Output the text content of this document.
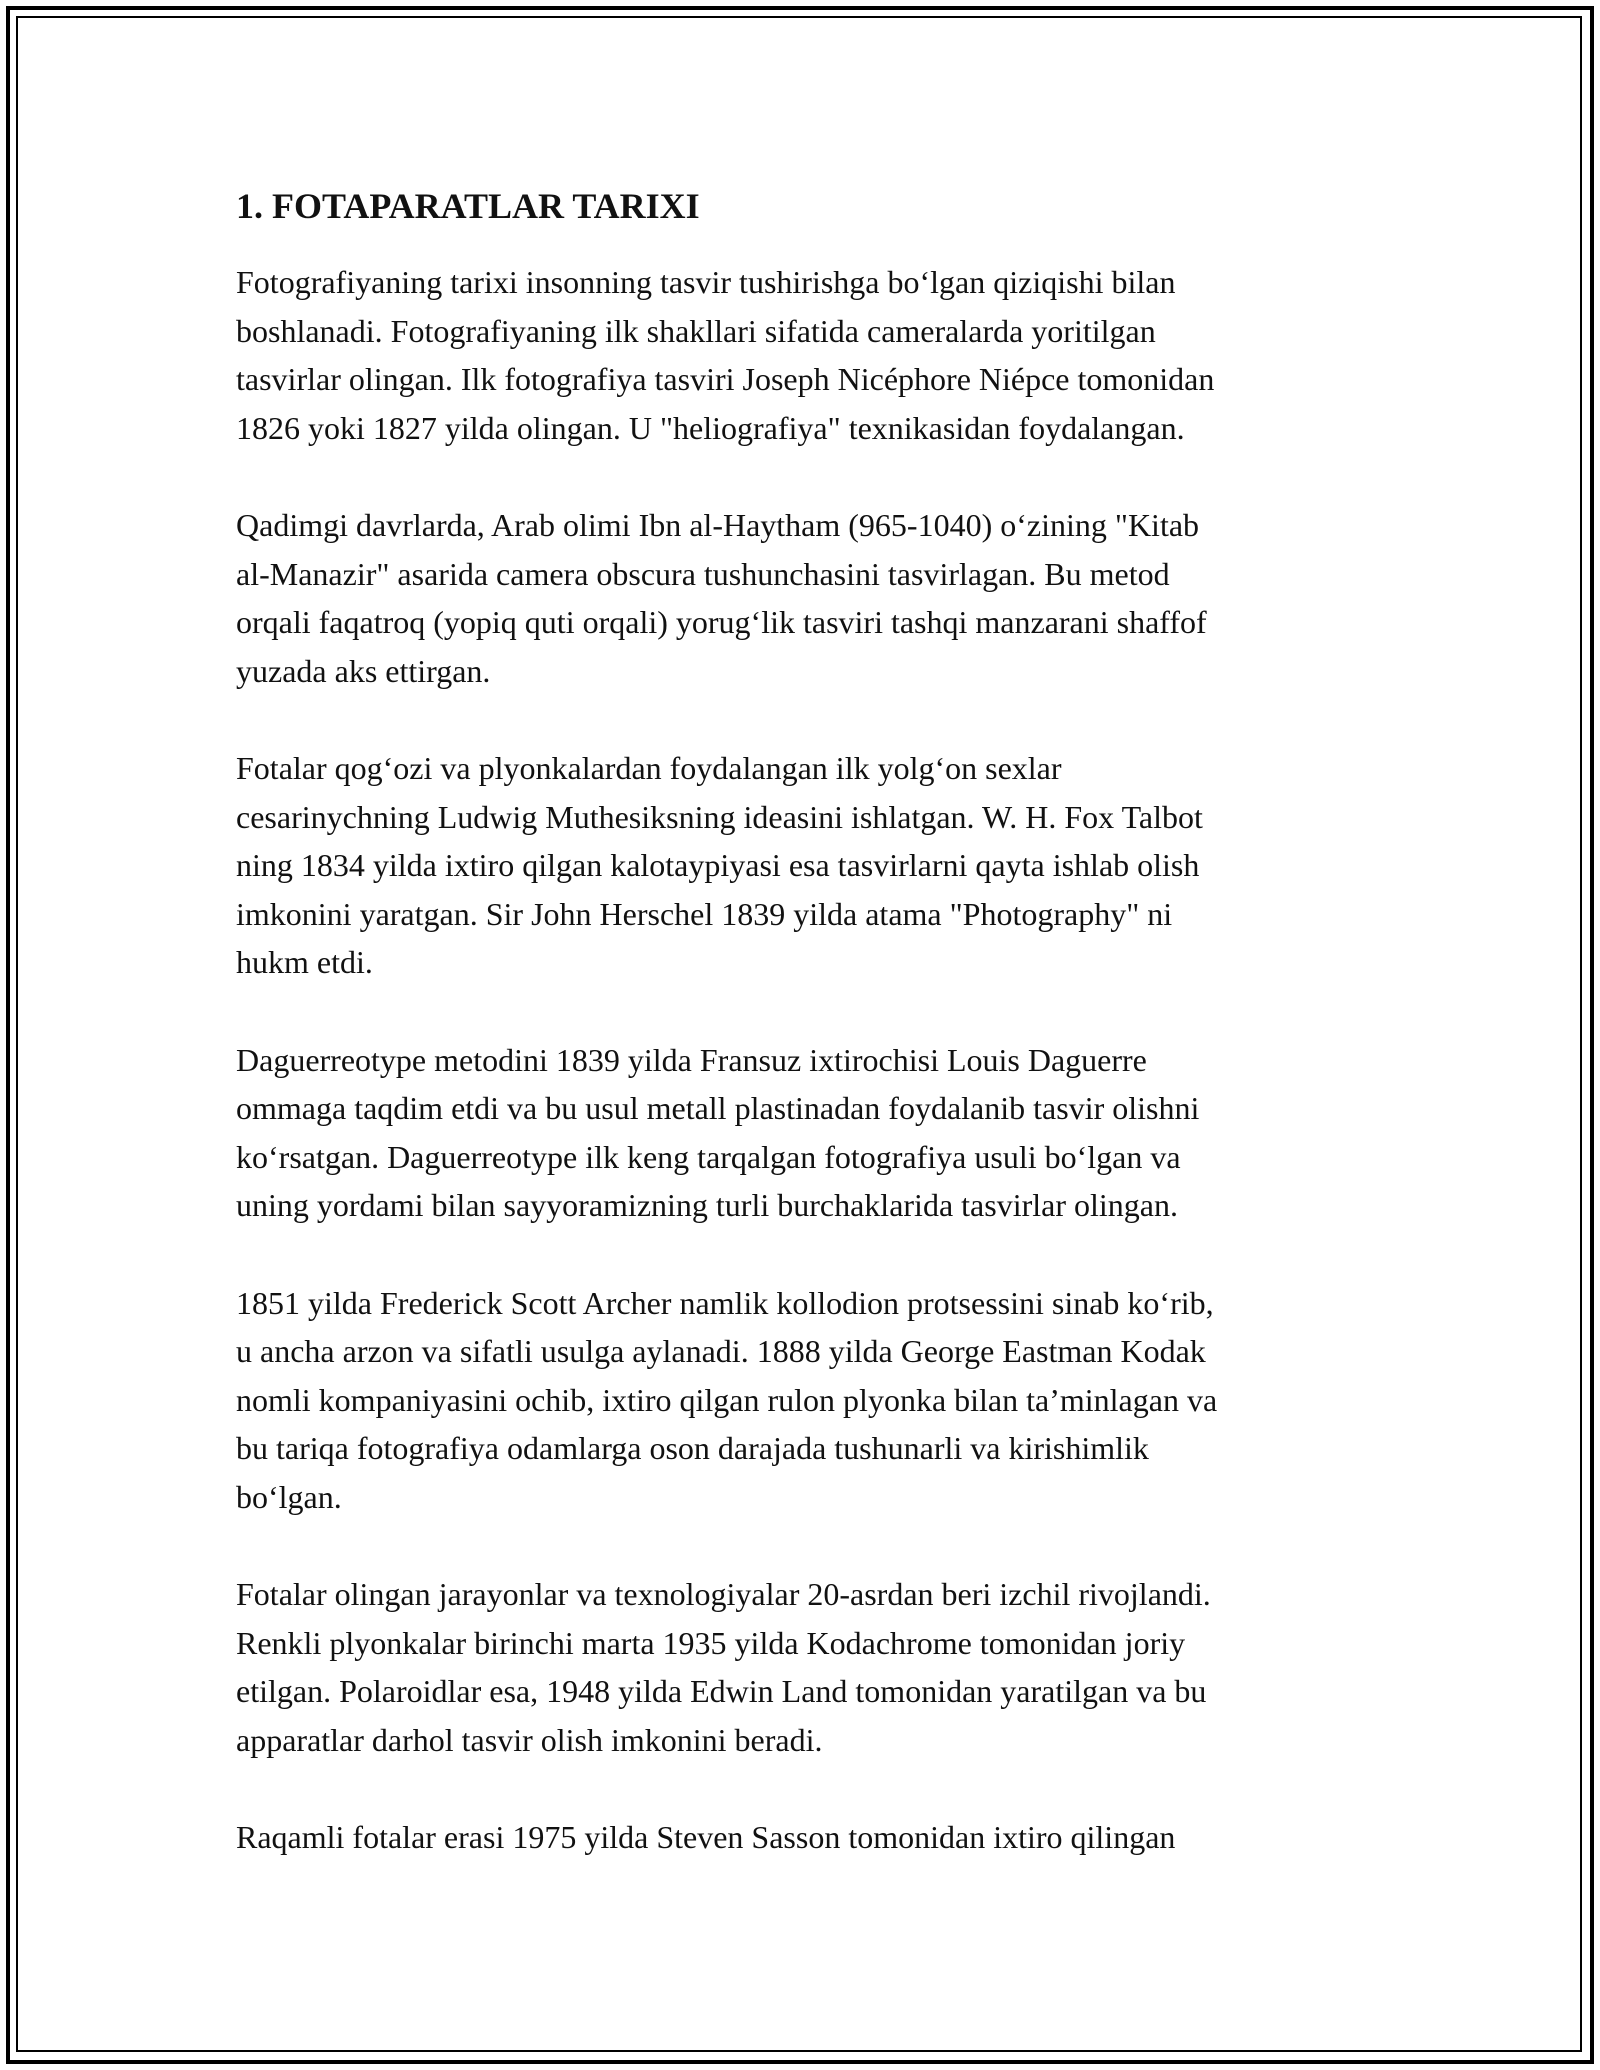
1. FOTAPARATLAR TARIXI

Fotografiyaning tarixi insonning tasvir tushirishga bo‘lgan qiziqishi bilan
boshlanadi. Fotografiyaning ilk shakllari sifatida cameralarda yoritilgan
tasvirlar olingan. Ilk fotografiya tasviri Joseph Nicéphore Niépce tomonidan
1826 yoki 1827 yilda olingan. U "heliografiya" texnikasidan foydalangan.

Qadimgi davrlarda, Arab olimi Ibn al-Haytham (965-1040) o‘zining "Kitab
al-Manazir" asarida camera obscura tushunchasini tasvirlagan. Bu metod
orqali faqatroq (yopiq quti orqali) yorug‘lik tasviri tashqi manzarani shaffof
yuzada aks ettirgan.

Fotalar qog‘ozi va plyonkalardan foydalangan ilk yolg‘on sexlar
cesarinychning Ludwig Muthesiksning ideasini ishlatgan. W. H. Fox Talbot
ning 1834 yilda ixtiro qilgan kalotaypiyasi esa tasvirlarni qayta ishlab olish
imkonini yaratgan. Sir John Herschel 1839 yilda atama "Photography" ni
hukm etdi.

Daguerreotype metodini 1839 yilda Fransuz ixtirochisi Louis Daguerre
ommaga taqdim etdi va bu usul metall plastinadan foydalanib tasvir olishni
ko‘rsatgan. Daguerreotype ilk keng tarqalgan fotografiya usuli bo‘lgan va
uning yordami bilan sayyoramizning turli burchaklarida tasvirlar olingan.

1851 yilda Frederick Scott Archer namlik kollodion protsessini sinab ko‘rib,
u ancha arzon va sifatli usulga aylanadi. 1888 yilda George Eastman Kodak
nomli kompaniyasini ochib, ixtiro qilgan rulon plyonka bilan ta’minlagan va
bu tariqa fotografiya odamlarga oson darajada tushunarli va kirishimlik
bo‘lgan.

Fotalar olingan jarayonlar va texnologiyalar 20-asrdan beri izchil rivojlandi.
Renkli plyonkalar birinchi marta 1935 yilda Kodachrome tomonidan joriy
etilgan. Polaroidlar esa, 1948 yilda Edwin Land tomonidan yaratilgan va bu
apparatlar darhol tasvir olish imkonini beradi.

Raqamli fotalar erasi 1975 yilda Steven Sasson tomonidan ixtiro qilingan
